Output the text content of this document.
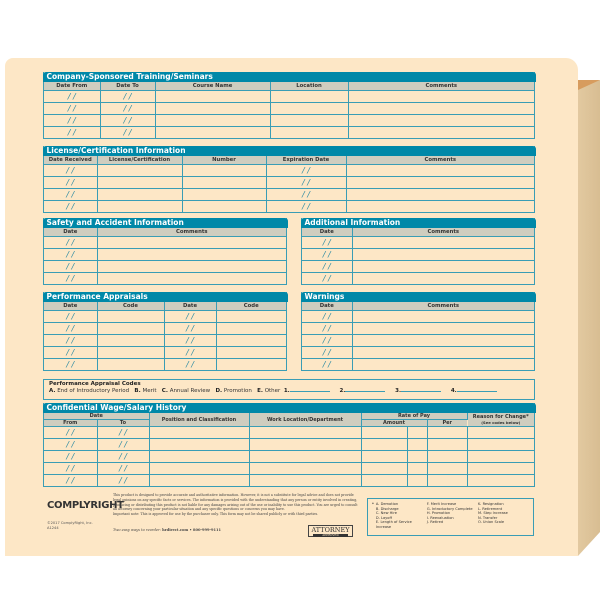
Company-Sponsored Training/Seminars
Date From	Date To	Course Name	Location	Comments
/ /	/ /			
/ /	/ /			
/ /	/ /			
/ /	/ /			
License/Certification Information
Date Received	License/Certification	Number	Expiration Date	Comments
/ /			/ /	
/ /			/ /	
/ /			/ /	
/ /			/ /	
Safety and Accident Information
Date	Comments
/ /	
/ /	
/ /	
/ /	
Additional Information
Date	Comments
/ /	
/ /	
/ /	
/ /	
Performance Appraisals
Date	Code	Date	Code
/ /		/ /	
/ /		/ /	
/ /		/ /	
/ /		/ /	
/ /		/ /	
Warnings
Date	Comments
/ /	
/ /	
/ /	
/ /	
/ /	
Performance Appraisal Codes
A. End of Introductory Period B. Merit C. Annual Review D. Promotion E. Other 1.	2.	3.	4.
Confidential Wage/Salary History
Date		Position and Classification	Work Location/Department	Rate of Pay			Reason for Change*
(See codes below)
From	To			Amount		Per	
/ /	/ /						
/ /	/ /						
/ /	/ /						
/ /	/ /						
/ /	/ /						
COMPLYRIGHT
©2017 ComplyRight, Inc.
A1244
This product is designed to provide accurate and authoritative information. However, it is not a substitute for legal advice and does not provide legal opinions on any specific facts or services. The information is provided with the understanding that any person or entity involved in creating, producing or distributing this product is not liable for any damages arising out of the use or inability to use this product. You are urged to consult an attorney concerning your particular situation and any specific questions or concerns you may have.
Important note: This is approved for use by the purchaser only. This form may not be shared publicly or with third parties.
Two easy ways to reorder: hrdirect.com • 800-999-9111	ATTORNEY
APPROVED
* A. Demotion
B. Discharge
C. New Hire
D. Layoff
E. Length of Service Increase
F. Merit Increase
G. Introductory Complete
H. Promotion
I. Reevaluation
J. Retired
K. Resignation
L. Retirement
M. Step Increase
N. Transfer
O. Union Scale
